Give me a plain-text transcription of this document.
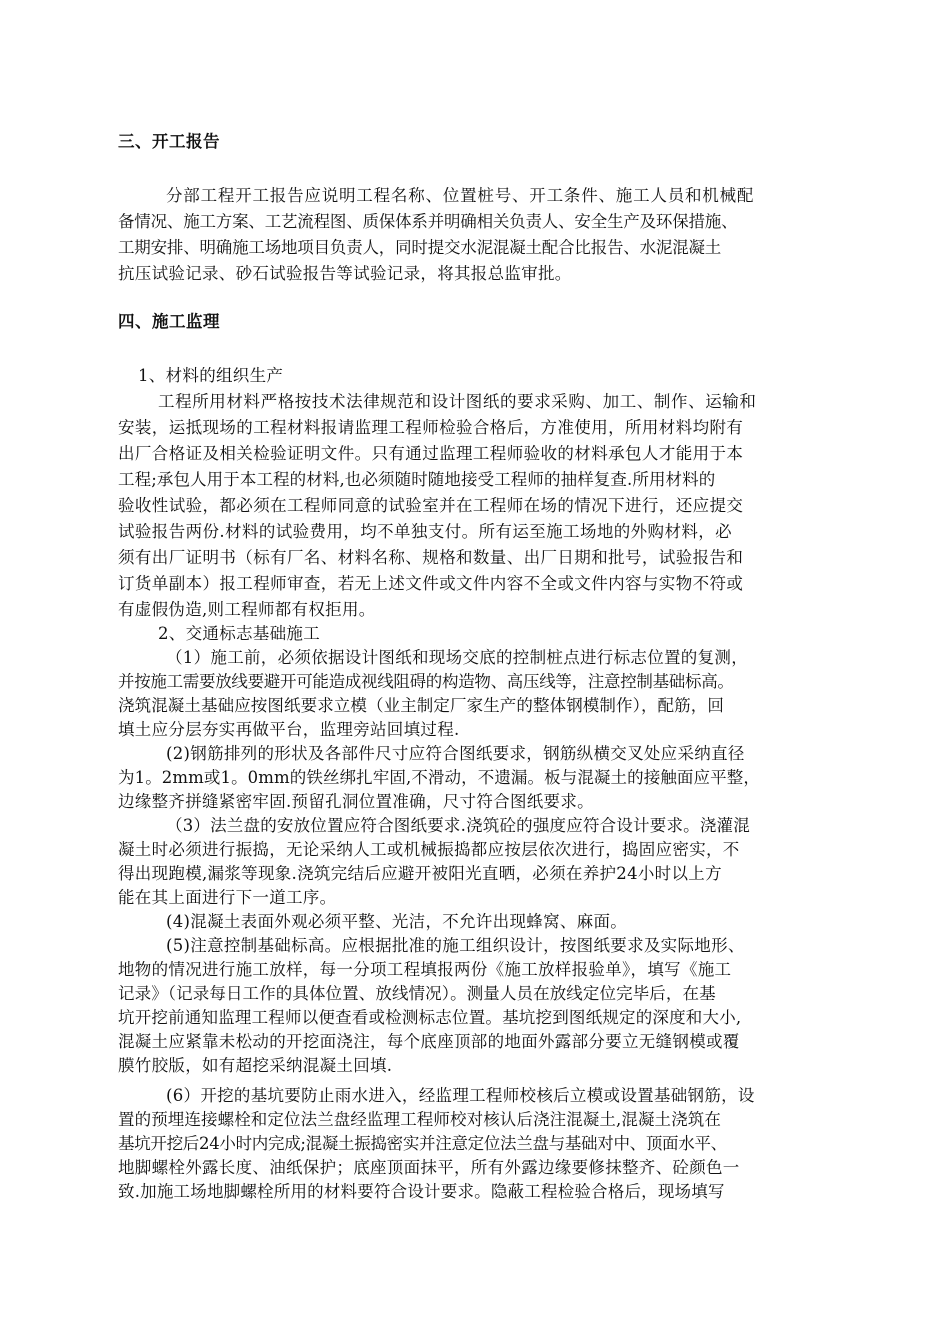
三、开工报告
分部工程开工报告应说明工程名称、位置桩号、开工条件、施工人员和机械配
备情况、施工方案、工艺流程图、质保体系并明确相关负责人、安全生产及环保措施、
工期安排、明确施工场地项目负责人，同时提交水泥混凝土配合比报告、水泥混凝土
抗压试验记录、砂石试验报告等试验记录，将其报总监审批。
四、施工监理
1、材料的组织生产
工程所用材料严格按技术法律规范和设计图纸的要求采购、加工、制作、运输和
安装，运抵现场的工程材料报请监理工程师检验合格后，方准使用，所用材料均附有
出厂合格证及相关检验证明文件。只有通过监理工程师验收的材料承包人才能用于本
工程;承包人用于本工程的材料,也必须随时随地接受工程师的抽样复查.所用材料的
验收性试验，都必须在工程师同意的试验室并在工程师在场的情况下进行，还应提交
试验报告两份.材料的试验费用，均不单独支付。所有运至施工场地的外购材料，必
须有出厂证明书（标有厂名、材料名称、规格和数量、出厂日期和批号，试验报告和
订货单副本）报工程师审查，若无上述文件或文件内容不全或文件内容与实物不符或
有虚假伪造,则工程师都有权拒用。
2、交通标志基础施工
（1）施工前，必须依据设计图纸和现场交底的控制桩点进行标志位置的复测，
并按施工需要放线要避开可能造成视线阻碍的构造物、高压线等，注意控制基础标高。
浇筑混凝土基础应按图纸要求立模（业主制定厂家生产的整体钢模制作），配筋，回
填土应分层夯实再做平台，监理旁站回填过程.
(2)钢筋排列的形状及各部件尺寸应符合图纸要求，钢筋纵横交叉处应采纳直径
为1。2mm或1。0mm的铁丝绑扎牢固,不滑动，不遗漏。板与混凝土的接触面应平整，
边缘整齐拼缝紧密牢固.预留孔洞位置准确，尺寸符合图纸要求。
（3）法兰盘的安放位置应符合图纸要求.浇筑砼的强度应符合设计要求。浇灌混
凝土时必须进行振捣，无论采纳人工或机械振捣都应按层依次进行，捣固应密实，不
得出现跑模,漏浆等现象.浇筑完结后应避开被阳光直晒，必须在养护24小时以上方
能在其上面进行下一道工序。
(4)混凝土表面外观必须平整、光洁，不允许出现蜂窝、麻面。
(5)注意控制基础标高。应根据批准的施工组织设计，按图纸要求及实际地形、
地物的情况进行施工放样，每一分项工程填报两份《施工放样报验单》，填写《施工
记录》（记录每日工作的具体位置、放线情况）。测量人员在放线定位完毕后，在基
坑开挖前通知监理工程师以便查看或检测标志位置。基坑挖到图纸规定的深度和大小,
混凝土应紧靠未松动的开挖面浇注，每个底座顶部的地面外露部分要立无缝钢模或覆
膜竹胶版，如有超挖采纳混凝土回填.
(6）开挖的基坑要防止雨水进入，经监理工程师校核后立模或设置基础钢筋，设
置的预埋连接螺栓和定位法兰盘经监理工程师校对核认后浇注混凝土,混凝土浇筑在
基坑开挖后24小时内完成;混凝土振捣密实并注意定位法兰盘与基础对中、顶面水平、
地脚螺栓外露长度、油纸保护；底座顶面抹平，所有外露边缘要修抹整齐、砼颜色一
致.加施工场地脚螺栓所用的材料要符合设计要求。隐蔽工程检验合格后，现场填写
